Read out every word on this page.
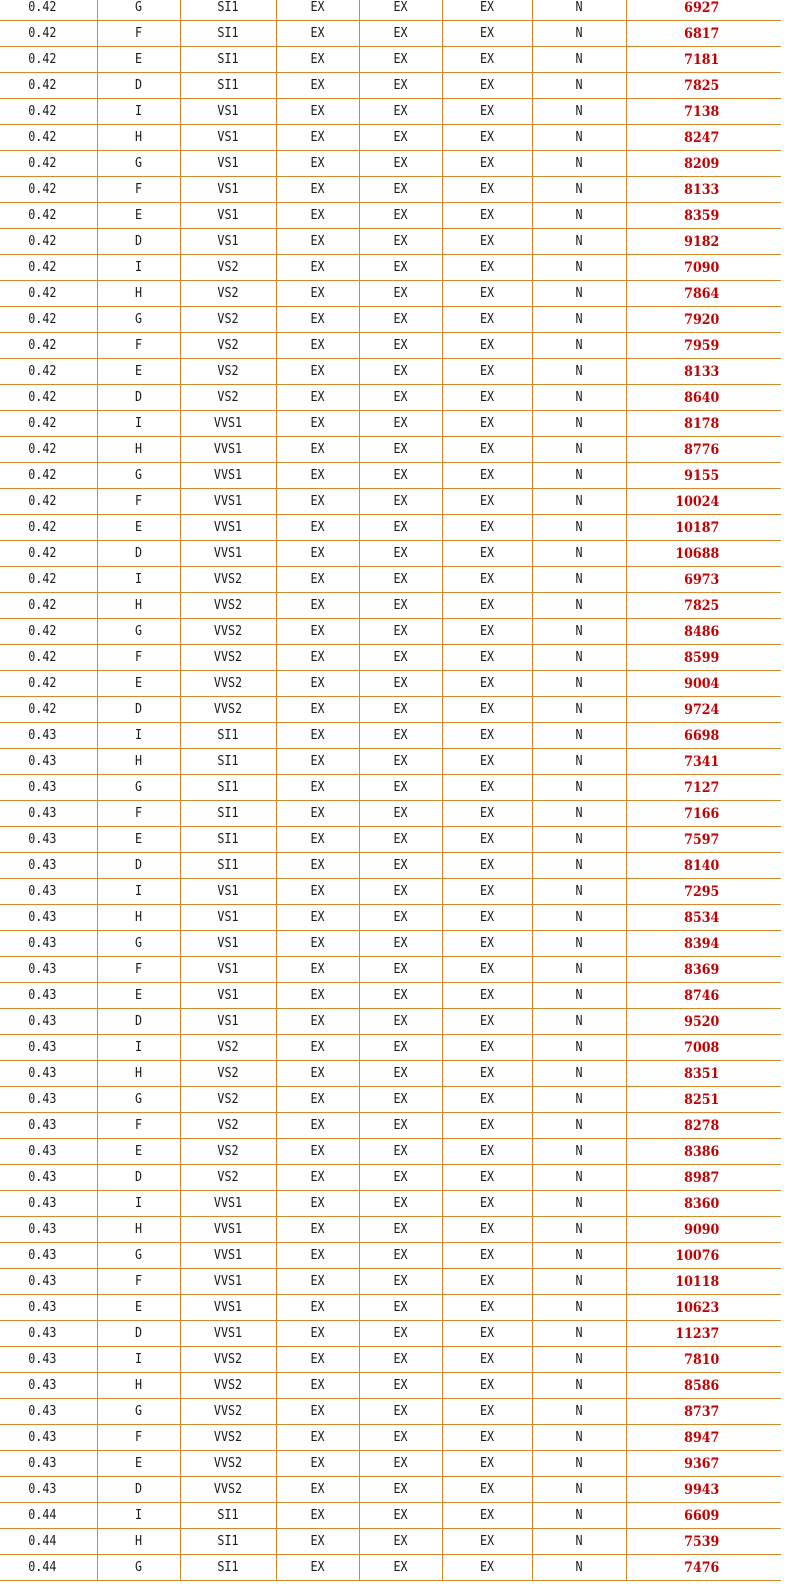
0.42	G	SI1	EX	EX	EX	N	6927
0.42	F	SI1	EX	EX	EX	N	6817
0.42	E	SI1	EX	EX	EX	N	7181
0.42	D	SI1	EX	EX	EX	N	7825
0.42	I	VS1	EX	EX	EX	N	7138
0.42	H	VS1	EX	EX	EX	N	8247
0.42	G	VS1	EX	EX	EX	N	8209
0.42	F	VS1	EX	EX	EX	N	8133
0.42	E	VS1	EX	EX	EX	N	8359
0.42	D	VS1	EX	EX	EX	N	9182
0.42	I	VS2	EX	EX	EX	N	7090
0.42	H	VS2	EX	EX	EX	N	7864
0.42	G	VS2	EX	EX	EX	N	7920
0.42	F	VS2	EX	EX	EX	N	7959
0.42	E	VS2	EX	EX	EX	N	8133
0.42	D	VS2	EX	EX	EX	N	8640
0.42	I	VVS1	EX	EX	EX	N	8178
0.42	H	VVS1	EX	EX	EX	N	8776
0.42	G	VVS1	EX	EX	EX	N	9155
0.42	F	VVS1	EX	EX	EX	N	10024
0.42	E	VVS1	EX	EX	EX	N	10187
0.42	D	VVS1	EX	EX	EX	N	10688
0.42	I	VVS2	EX	EX	EX	N	6973
0.42	H	VVS2	EX	EX	EX	N	7825
0.42	G	VVS2	EX	EX	EX	N	8486
0.42	F	VVS2	EX	EX	EX	N	8599
0.42	E	VVS2	EX	EX	EX	N	9004
0.42	D	VVS2	EX	EX	EX	N	9724
0.43	I	SI1	EX	EX	EX	N	6698
0.43	H	SI1	EX	EX	EX	N	7341
0.43	G	SI1	EX	EX	EX	N	7127
0.43	F	SI1	EX	EX	EX	N	7166
0.43	E	SI1	EX	EX	EX	N	7597
0.43	D	SI1	EX	EX	EX	N	8140
0.43	I	VS1	EX	EX	EX	N	7295
0.43	H	VS1	EX	EX	EX	N	8534
0.43	G	VS1	EX	EX	EX	N	8394
0.43	F	VS1	EX	EX	EX	N	8369
0.43	E	VS1	EX	EX	EX	N	8746
0.43	D	VS1	EX	EX	EX	N	9520
0.43	I	VS2	EX	EX	EX	N	7008
0.43	H	VS2	EX	EX	EX	N	8351
0.43	G	VS2	EX	EX	EX	N	8251
0.43	F	VS2	EX	EX	EX	N	8278
0.43	E	VS2	EX	EX	EX	N	8386
0.43	D	VS2	EX	EX	EX	N	8987
0.43	I	VVS1	EX	EX	EX	N	8360
0.43	H	VVS1	EX	EX	EX	N	9090
0.43	G	VVS1	EX	EX	EX	N	10076
0.43	F	VVS1	EX	EX	EX	N	10118
0.43	E	VVS1	EX	EX	EX	N	10623
0.43	D	VVS1	EX	EX	EX	N	11237
0.43	I	VVS2	EX	EX	EX	N	7810
0.43	H	VVS2	EX	EX	EX	N	8586
0.43	G	VVS2	EX	EX	EX	N	8737
0.43	F	VVS2	EX	EX	EX	N	8947
0.43	E	VVS2	EX	EX	EX	N	9367
0.43	D	VVS2	EX	EX	EX	N	9943
0.44	I	SI1	EX	EX	EX	N	6609
0.44	H	SI1	EX	EX	EX	N	7539
0.44	G	SI1	EX	EX	EX	N	7476
